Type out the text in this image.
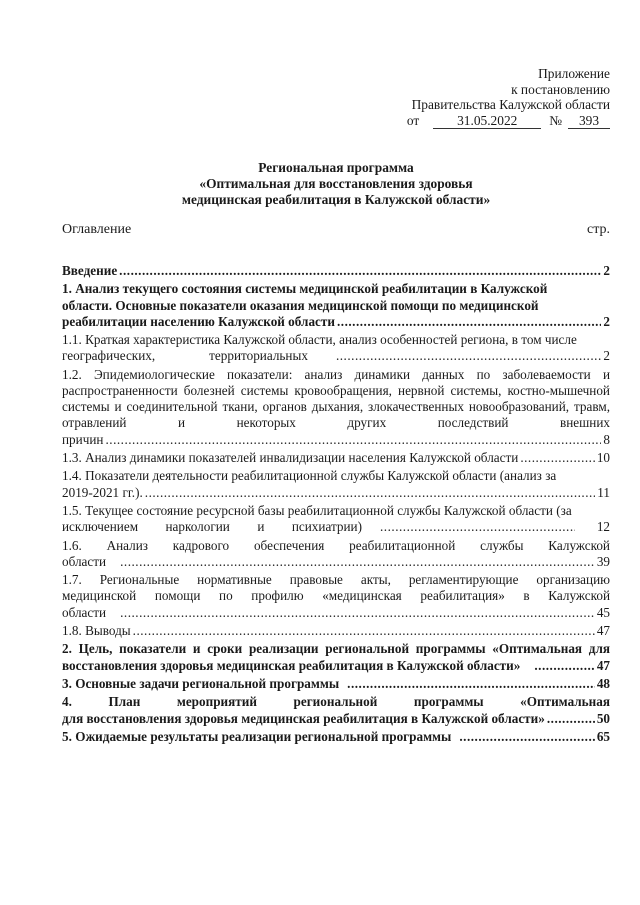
Приложение
к постановлению
Правительства Калужской области
от	31.05.2022	№	393
Региональная программа
«Оптимальная для восстановления здоровья
медицинская реабилитация в Калужской области»
Оглавление	стр.
Введение .....	2
1. Анализ текущего состояния системы медицинской реабилитации в Калужской
области. Основные показатели оказания медицинской помощи по медицинской
реабилитации населению Калужской области .....	2
1.1. Краткая характеристика Калужской области, анализ особенностей региона, в том числе
географических,	территориальных .....	2
1.2. Эпидемиологические показатели: анализ динамики данных по заболеваемости и распространенности болезней системы кровообращения, нервной системы, костно-мышечной системы и соединительной ткани, органов дыхания, злокачественных новообразований, травм, отравлений и некоторых других последствий внешних
причин .....	8
1.3. Анализ динамики показателей инвалидизации населения Калужской области .....	10
1.4. Показатели деятельности реабилитационной службы Калужской области (анализ за
2019-2021 гг.). .....	11
1.5. Текущее состояние ресурсной базы реабилитационной службы Калужской области (за
исключением наркологии и психиатрии) .....	12
1.6. Анализ кадрового обеспечения реабилитационной службы Калужской
области .....	39
1.7. Региональные нормативные правовые акты, регламентирующие организацию
медицинской помощи по профилю «медицинская реабилитация» в Калужской
области .....	45
1.8. Выводы .....	47
2. Цель, показатели и сроки реализации региональной программы «Оптимальная для
восстановления здоровья медицинская реабилитация в Калужской области» .....	47
3. Основные задачи региональной программы .....	48
4.	План	мероприятий	региональной	программы	«Оптимальная
для восстановления здоровья медицинская реабилитация в Калужской области» .....	50
5. Ожидаемые результаты реализации региональной программы .....	65
